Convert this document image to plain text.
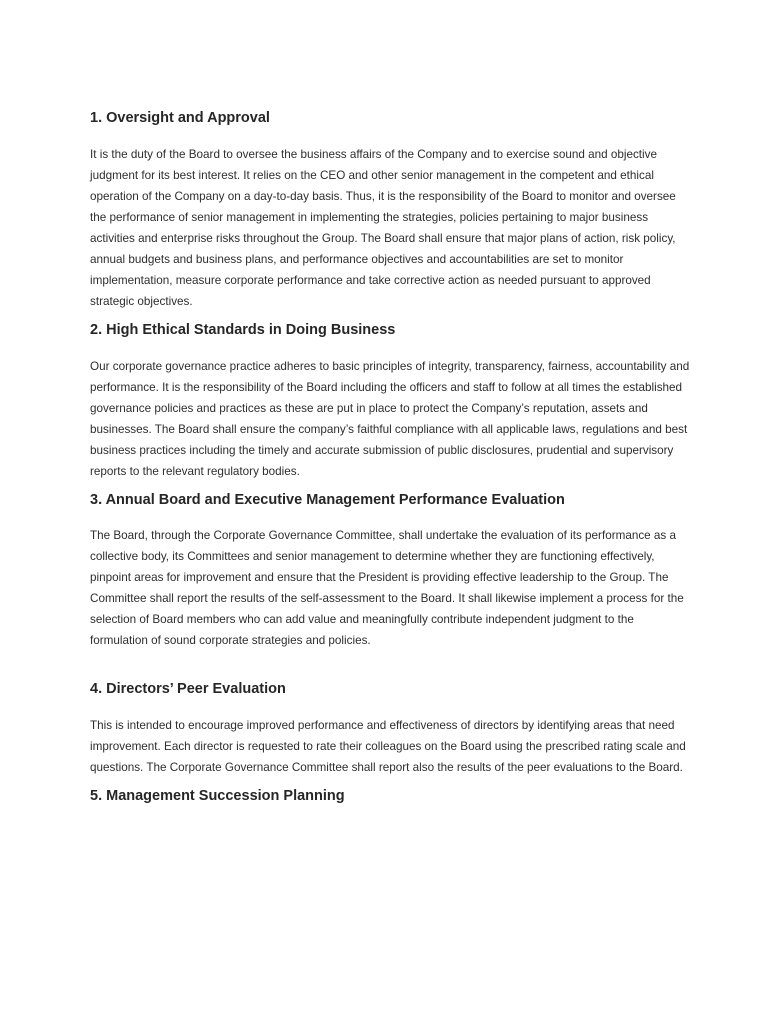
1. Oversight and Approval

It is the duty of the Board to oversee the business affairs of the Company and to exercise sound and objective judgment for its best interest. It relies on the CEO and other senior management in the competent and ethical operation of the Company on a day-to-day basis. Thus, it is the responsibility of the Board to monitor and oversee the performance of senior management in implementing the strategies, policies pertaining to major business activities and enterprise risks throughout the Group. The Board shall ensure that major plans of action, risk policy, annual budgets and business plans, and performance objectives and accountabilities are set to monitor implementation, measure corporate performance and take corrective action as needed pursuant to approved strategic objectives.

2. High Ethical Standards in Doing Business

Our corporate governance practice adheres to basic principles of integrity, transparency, fairness, accountability and performance. It is the responsibility of the Board including the officers and staff to follow at all times the established governance policies and practices as these are put in place to protect the Company’s reputation, assets and businesses. The Board shall ensure the company’s faithful compliance with all applicable laws, regulations and best business practices including the timely and accurate submission of public disclosures, prudential and supervisory reports to the relevant regulatory bodies.

3. Annual Board and Executive Management Performance Evaluation

The Board, through the Corporate Governance Committee, shall undertake the evaluation of its performance as a collective body, its Committees and senior management to determine whether they are functioning effectively, pinpoint areas for improvement and ensure that the President is providing effective leadership to the Group. The Committee shall report the results of the self-assessment to the Board. It shall likewise implement a process for the selection of Board members who can add value and meaningfully contribute independent judgment to the formulation of sound corporate strategies and policies.

4. Directors’ Peer Evaluation

This is intended to encourage improved performance and effectiveness of directors by identifying areas that need improvement. Each director is requested to rate their colleagues on the Board using the prescribed rating scale and questions. The Corporate Governance Committee shall report also the results of the peer evaluations to the Board.

5. Management Succession Planning
